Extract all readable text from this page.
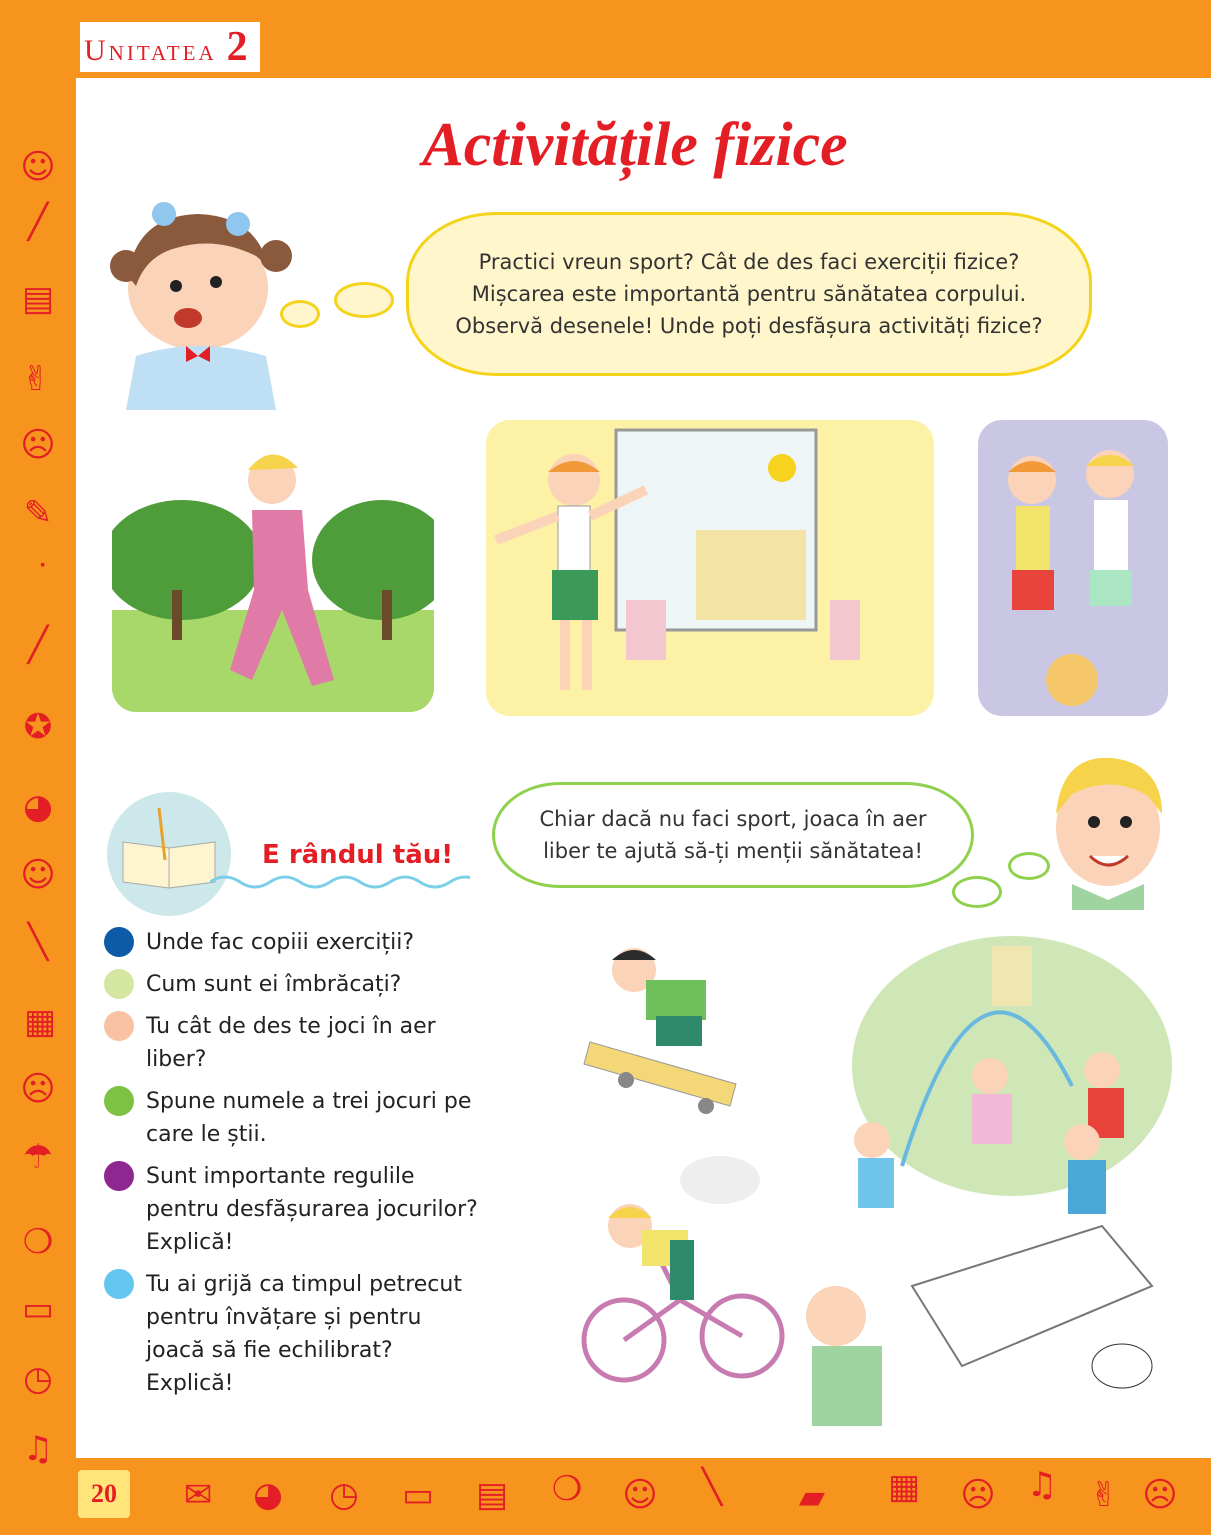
Unitatea 2
☺
╱
▤
✌
☹
✎
ᐝ
╱
✪
◕
☺
╲
▦
☹
☂
❍
▭
◷
♫
20	✉ ◕ ◷ ▭ ▤ ❍ ☺	╲	▰ ▦ ☹ ♫ ✌ ☹
Activitățile fizice
Practici vreun sport? Cât de des faci exerciții fizice?
Mișcarea este importantă pentru sănătatea corpului.
Observă desenele! Unde poți desfășura activități fizice?
E rândul tău!
Unde fac copiii exerciții?
Cum sunt ei îmbrăcați?
Tu cât de des te joci în aer liber?
Spune numele a trei jocuri pe care le știi.
Sunt importante regulile pentru desfășurarea jocurilor? Explică!
Tu ai grijă ca timpul petrecut pentru învățare și pentru joacă să fie echilibrat? Explică!
Chiar dacă nu faci sport, joaca în aer
liber te ajută să-ți menții sănătatea!
